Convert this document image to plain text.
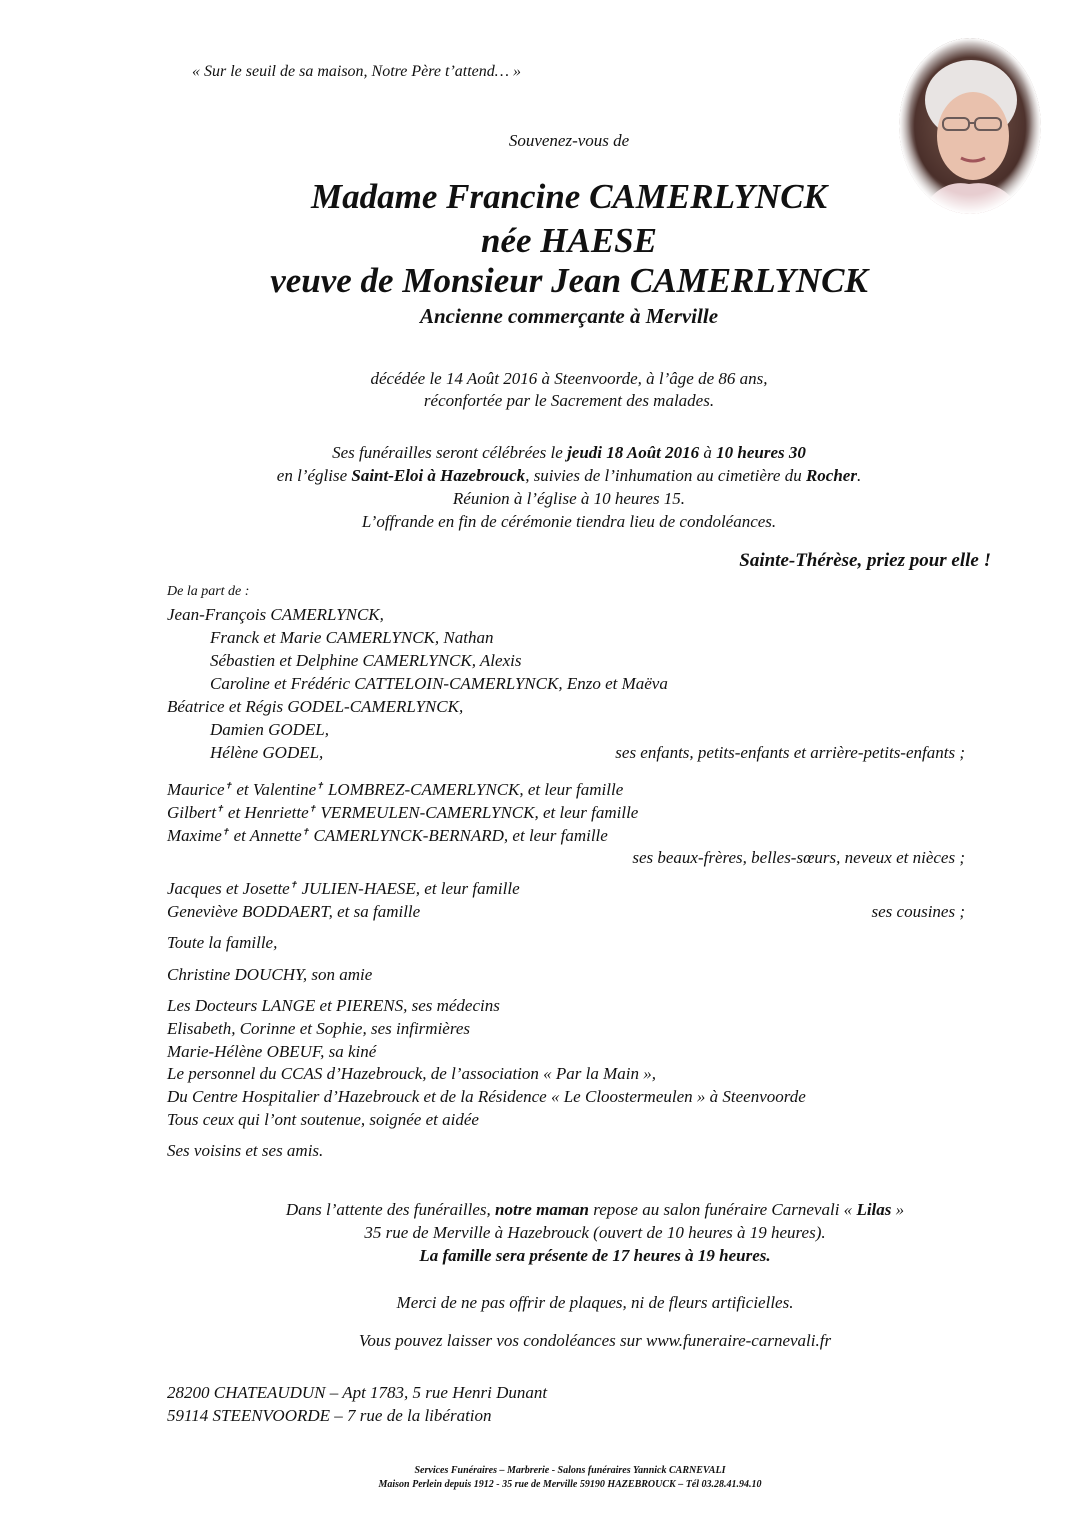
« Sur le seuil de sa maison, Notre Père t’attend… »
Souvenez-vous de
Madame Francine CAMERLYNCK
née HAESE
veuve de Monsieur Jean CAMERLYNCK
Ancienne commerçante à Merville
décédée le 14 Août 2016 à Steenvoorde, à l’âge de 86 ans,
réconfortée par le Sacrement des malades.
Ses funérailles seront célébrées le jeudi 18 Août 2016 à 10 heures 30
en l’église Saint-Eloi à Hazebrouck, suivies de l’inhumation au cimetière du Rocher.
Réunion à l’église à 10 heures 15.
L’offrande en fin de cérémonie tiendra lieu de condoléances.
Sainte-Thérèse, priez pour elle !
De la part de :
Jean-François CAMERLYNCK,
Franck et Marie CAMERLYNCK, Nathan
Sébastien et Delphine CAMERLYNCK, Alexis
Caroline et Frédéric CATTELOIN-CAMERLYNCK, Enzo et Maëva
Béatrice et Régis GODEL-CAMERLYNCK,
Damien GODEL,
Hélène GODEL,	ses enfants, petits-enfants et arrière-petits-enfants ;
Maurice✝ et Valentine✝ LOMBREZ-CAMERLYNCK, et leur famille
Gilbert✝ et Henriette✝ VERMEULEN-CAMERLYNCK, et leur famille
Maxime✝ et Annette✝ CAMERLYNCK-BERNARD, et leur famille
ses beaux-frères, belles-sœurs, neveux et nièces ;
Jacques et Josette✝ JULIEN-HAESE, et leur famille
Geneviève BODDAERT, et sa famille	ses cousines ;
Toute la famille,
Christine DOUCHY, son amie
Les Docteurs LANGE et PIERENS, ses médecins
Elisabeth, Corinne et Sophie, ses infirmières
Marie-Hélène OBEUF, sa kiné
Le personnel du CCAS d’Hazebrouck, de l’association « Par la Main »,
Du Centre Hospitalier d’Hazebrouck et de la Résidence « Le Cloostermeulen » à Steenvoorde
Tous ceux qui l’ont soutenue, soignée et aidée
Ses voisins et ses amis.
Dans l’attente des funérailles, notre maman repose au salon funéraire Carnevali « Lilas »
35 rue de Merville à Hazebrouck (ouvert de 10 heures à 19 heures).
La famille sera présente de 17 heures à 19 heures.
Merci de ne pas offrir de plaques, ni de fleurs artificielles.
Vous pouvez laisser vos condoléances sur www.funeraire-carnevali.fr
28200 CHATEAUDUN – Apt 1783, 5 rue Henri Dunant
59114 STEENVOORDE – 7 rue de la libération
Services Funéraires – Marbrerie - Salons funéraires Yannick CARNEVALI
Maison Perlein depuis 1912 - 35 rue de Merville 59190 HAZEBROUCK – Tél 03.28.41.94.10
